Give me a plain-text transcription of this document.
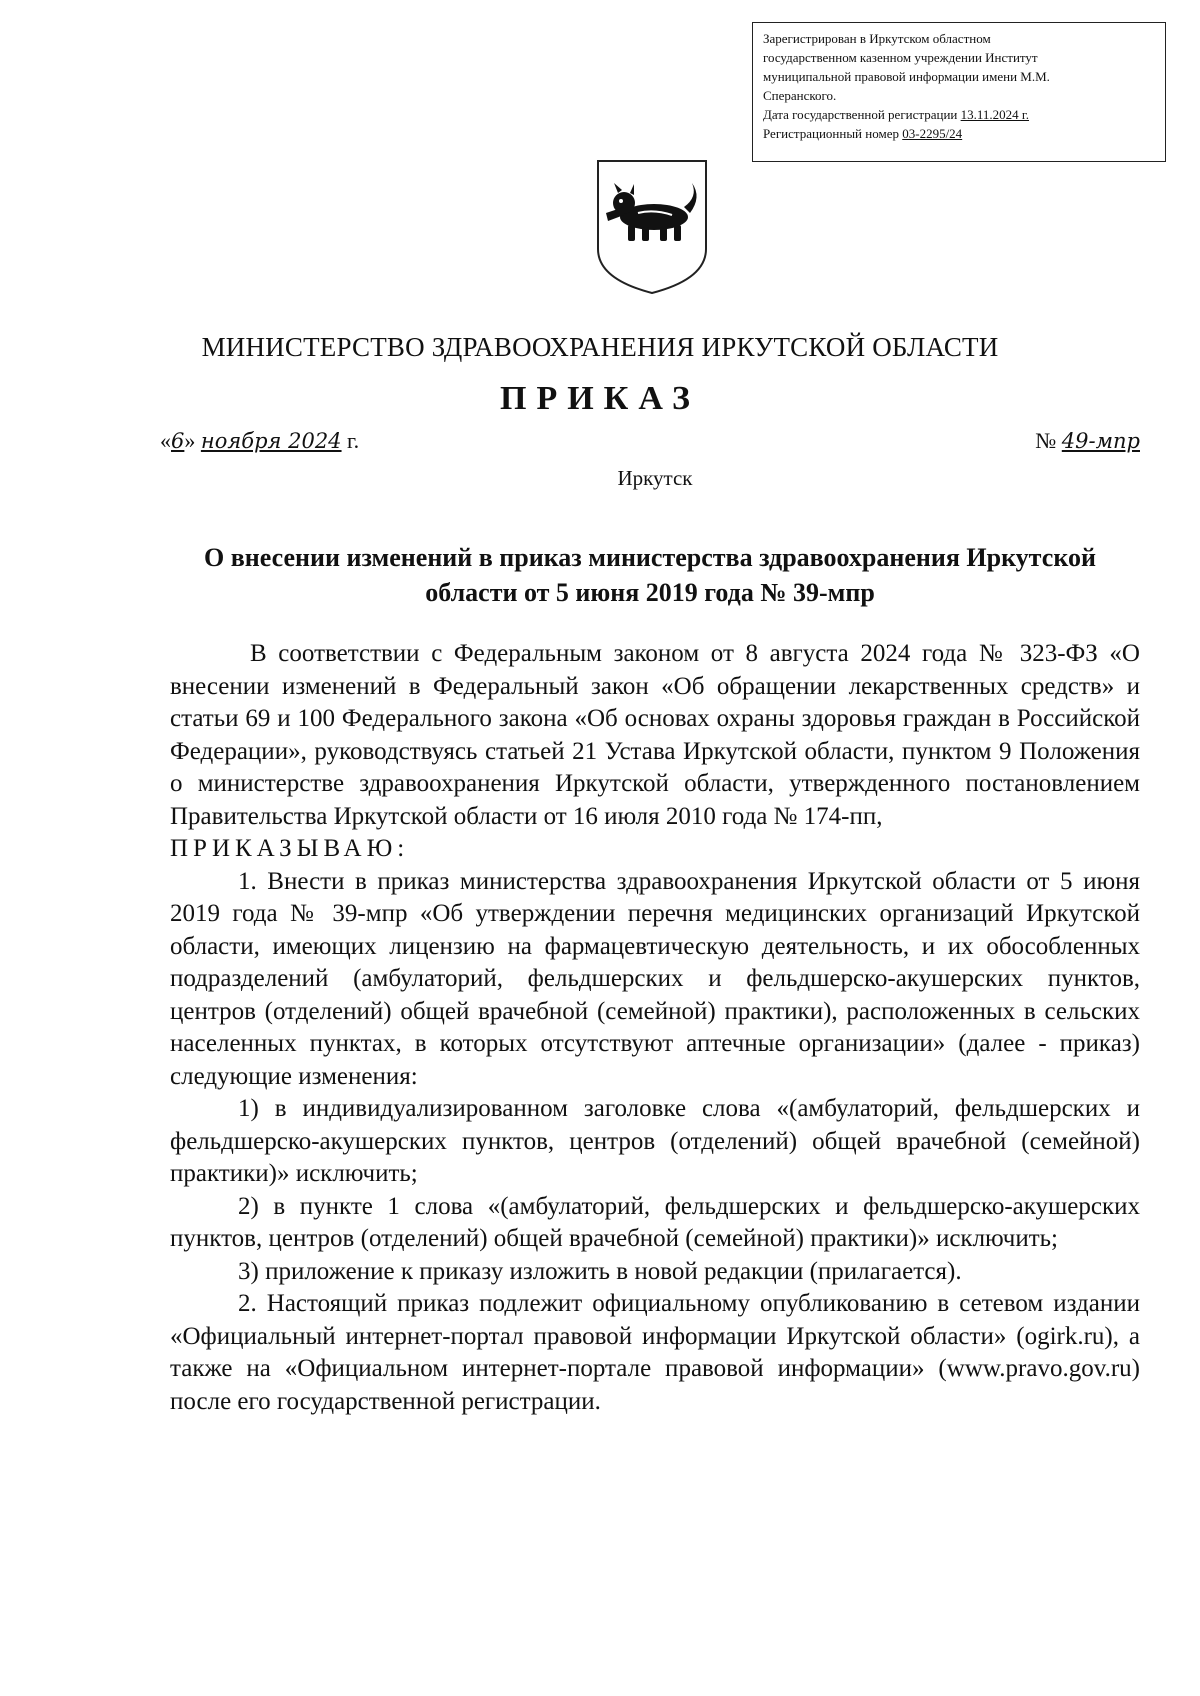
Зарегистрирован в Иркутском областном
государственном казенном учреждении Институт
муниципальной правовой информации имени М.М.
Сперанского.
Дата государственной регистрации 13.11.2024 г.
Регистрационный номер 03-2295/24
МИНИСТЕРСТВО ЗДРАВООХРАНЕНИЯ ИРКУТСКОЙ ОБЛАСТИ
ПРИКАЗ
«6» ноября 2024 г.	№ 49-мпр
Иркутск
О внесении изменений в приказ министерства здравоохранения Иркутской области от 5 июня 2019 года № 39-мпр

В соответствии с Федеральным законом от 8 августа 2024 года № 323-ФЗ «О внесении изменений в Федеральный закон «Об обращении лекарственных средств» и статьи 69 и 100 Федерального закона «Об основах охраны здоровья граждан в Российской Федерации», руководствуясь статьей 21 Устава Иркутской области, пунктом 9 Положения о министерстве здравоохранения Иркутской области, утвержденного постановлением Правительства Иркутской области от 16 июля 2010 года № 174-пп,

ПРИКАЗЫВАЮ:

1. Внести в приказ министерства здравоохранения Иркутской области от 5 июня 2019 года № 39-мпр «Об утверждении перечня медицинских организаций Иркутской области, имеющих лицензию на фармацевтическую деятельность, и их обособленных подразделений (амбулаторий, фельдшерских и фельдшерско-акушерских пунктов, центров (отделений) общей врачебной (семейной) практики), расположенных в сельских населенных пунктах, в которых отсутствуют аптечные организации» (далее - приказ) следующие изменения:

1) в индивидуализированном заголовке слова «(амбулаторий, фельдшерских и фельдшерско-акушерских пунктов, центров (отделений) общей врачебной (семейной) практики)» исключить;

2) в пункте 1 слова «(амбулаторий, фельдшерских и фельдшерско-акушерских пунктов, центров (отделений) общей врачебной (семейной) практики)» исключить;

3) приложение к приказу изложить в новой редакции (прилагается).

2. Настоящий приказ подлежит официальному опубликованию в сетевом издании «Официальный интернет-портал правовой информации Иркутской области» (ogirk.ru), а также на «Официальном интернет-портале правовой информации» (www.pravo.gov.ru) после его государственной регистрации.
